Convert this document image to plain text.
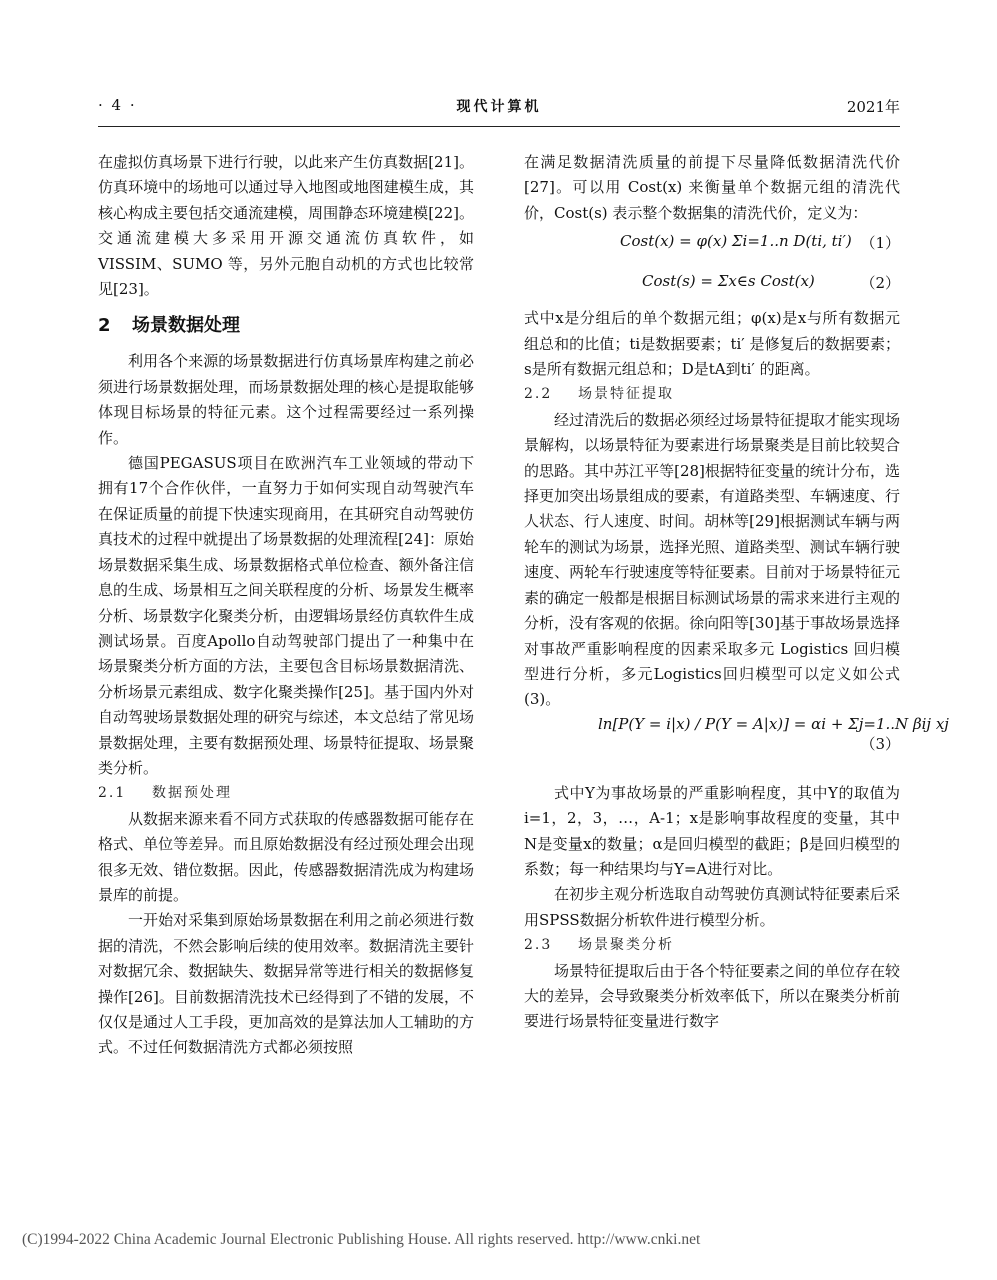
· 4 ·	现代计算机	2021年

在虚拟仿真场景下进行行驶，以此来产生仿真数据[21]。仿真环境中的场地可以通过导入地图或地图建模生成，其核心构成主要包括交通流建模，周围静态环境建模[22]。交通流建模大多采用开源交通流仿真软件，如 VISSIM、SUMO 等，另外元胞自动机的方式也比较常见[23]。

2 场景数据处理

利用各个来源的场景数据进行仿真场景库构建之前必须进行场景数据处理，而场景数据处理的核心是提取能够体现目标场景的特征元素。这个过程需要经过一系列操作。

德国PEGASUS项目在欧洲汽车工业领域的带动下拥有17个合作伙伴，一直努力于如何实现自动驾驶汽车在保证质量的前提下快速实现商用，在其研究自动驾驶仿真技术的过程中就提出了场景数据的处理流程[24]：原始场景数据采集生成、场景数据格式单位检查、额外备注信息的生成、场景相互之间关联程度的分析、场景发生概率分析、场景数字化聚类分析，由逻辑场景经仿真软件生成测试场景。百度Apollo自动驾驶部门提出了一种集中在场景聚类分析方面的方法，主要包含目标场景数据清洗、分析场景元素组成、数字化聚类操作[25]。基于国内外对自动驾驶场景数据处理的研究与综述，本文总结了常见场景数据处理，主要有数据预处理、场景特征提取、场景聚类分析。

2.1 数据预处理

从数据来源来看不同方式获取的传感器数据可能存在格式、单位等差异。而且原始数据没有经过预处理会出现很多无效、错位数据。因此，传感器数据清洗成为构建场景库的前提。

一开始对采集到原始场景数据在利用之前必须进行数据的清洗，不然会影响后续的使用效率。数据清洗主要针对数据冗余、数据缺失、数据异常等进行相关的数据修复操作[26]。目前数据清洗技术已经得到了不错的发展，不仅仅是通过人工手段，更加高效的是算法加人工辅助的方式。不过任何数据清洗方式都必须按照

在满足数据清洗质量的前提下尽量降低数据清洗代价[27]。可以用 Cost(x) 来衡量单个数据元组的清洗代价，Cost(s) 表示整个数据集的清洗代价，定义为：

Cost(x) = φ(x) Σi=1..n D(ti, ti′) （1）
Cost(s) = Σx∈s Cost(x)	（2）

式中x是分组后的单个数据元组；φ(x)是x与所有数据元组总和的比值；ti是数据要素；ti′ 是修复后的数据要素；s是所有数据元组总和；D是tA到ti′ 的距离。

2.2 场景特征提取

经过清洗后的数据必须经过场景特征提取才能实现场景解构，以场景特征为要素进行场景聚类是目前比较契合的思路。其中苏江平等[28]根据特征变量的统计分布，选择更加突出场景组成的要素，有道路类型、车辆速度、行人状态、行人速度、时间。胡林等[29]根据测试车辆与两轮车的测试为场景，选择光照、道路类型、测试车辆行驶速度、两轮车行驶速度等特征要素。目前对于场景特征元素的确定一般都是根据目标测试场景的需求来进行主观的分析，没有客观的依据。徐向阳等[30]基于事故场景选择对事故严重影响程度的因素采取多元 Logistics 回归模型进行分析，多元Logistics回归模型可以定义如公式(3)。

ln[P(Y = i|x) / P(Y = A|x)] = αi + Σj=1..N βij xj
（3）

式中Y为事故场景的严重影响程度，其中Y的取值为i=1，2，3，…，A-1；x是影响事故程度的变量，其中N是变量x的数量；α是回归模型的截距；β是回归模型的系数；每一种结果均与Y=A进行对比。

在初步主观分析选取自动驾驶仿真测试特征要素后采用SPSS数据分析软件进行模型分析。

2.3 场景聚类分析

场景特征提取后由于各个特征要素之间的单位存在较大的差异，会导致聚类分析效率低下，所以在聚类分析前要进行场景特征变量进行数字

(C)1994-2022 China Academic Journal Electronic Publishing House. All rights reserved. http://www.cnki.net
